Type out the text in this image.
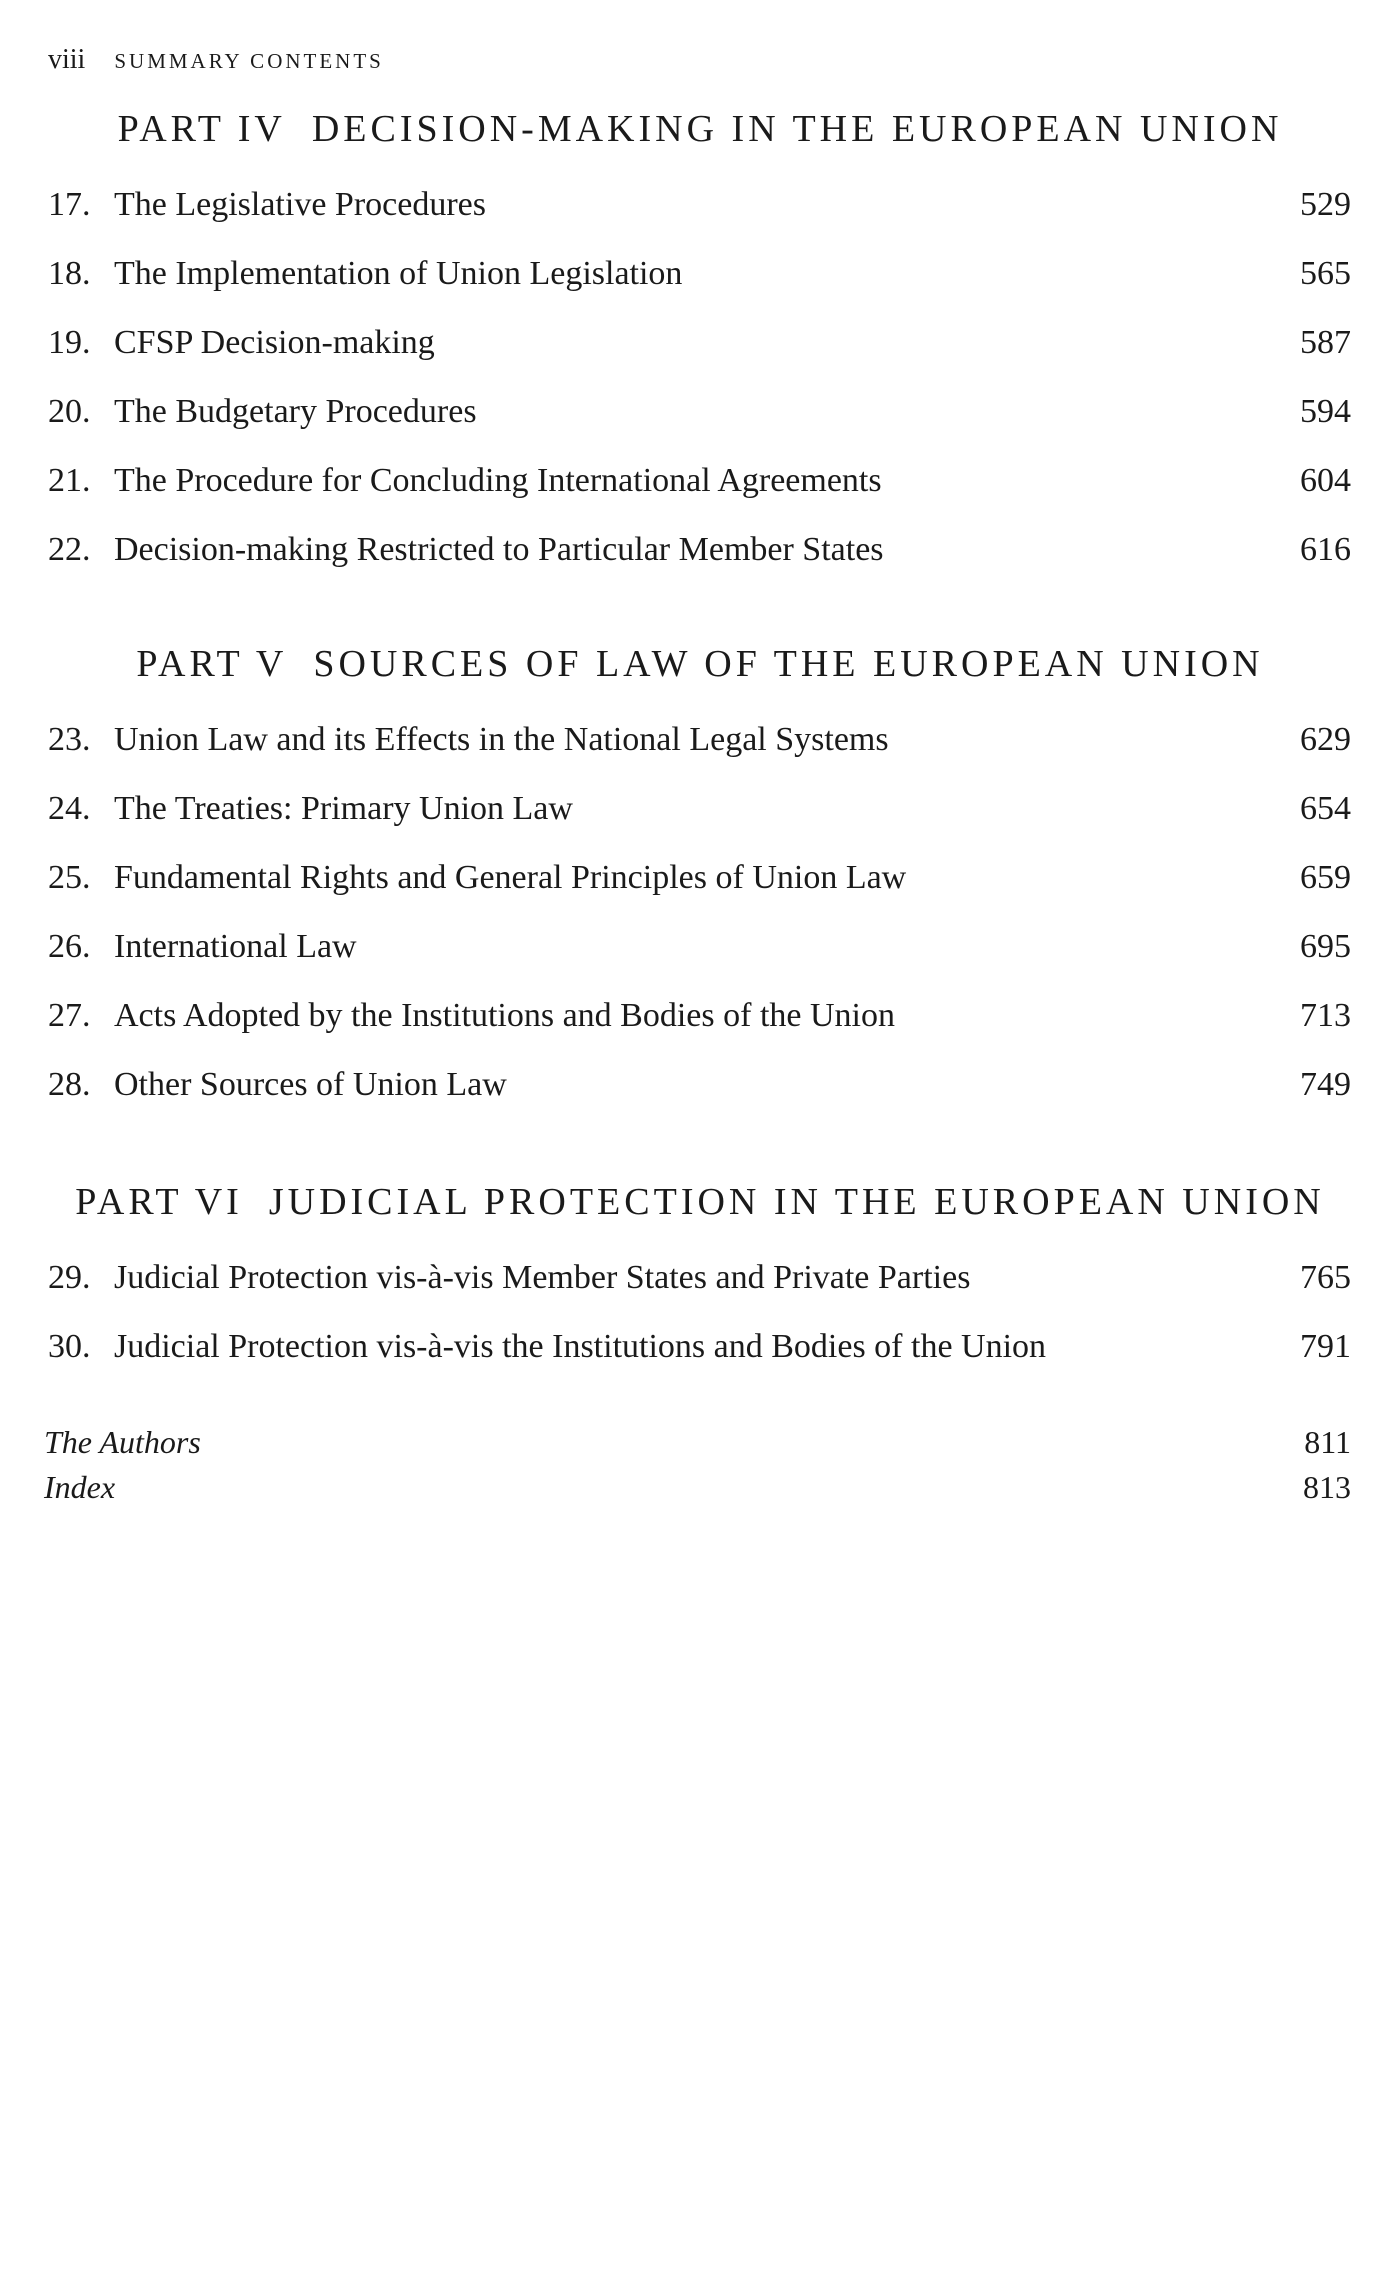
viii SUMMARY CONTENTS
PART IV DECISION-MAKING IN THE EUROPEAN UNION
17. The Legislative Procedures	529
18. The Implementation of Union Legislation	565
19. CFSP Decision-making	587
20. The Budgetary Procedures	594
21. The Procedure for Concluding International Agreements	604
22. Decision-making Restricted to Particular Member States	616
PART V SOURCES OF LAW OF THE EUROPEAN UNION
23. Union Law and its Effects in the National Legal Systems	629
24. The Treaties: Primary Union Law	654
25. Fundamental Rights and General Principles of Union Law	659
26. International Law	695
27. Acts Adopted by the Institutions and Bodies of the Union	713
28. Other Sources of Union Law	749
PART VI JUDICIAL PROTECTION IN THE EUROPEAN UNION
29. Judicial Protection vis-à-vis Member States and Private Parties	765
30. Judicial Protection vis-à-vis the Institutions and Bodies of the Union	791
The Authors	811
Index	813
